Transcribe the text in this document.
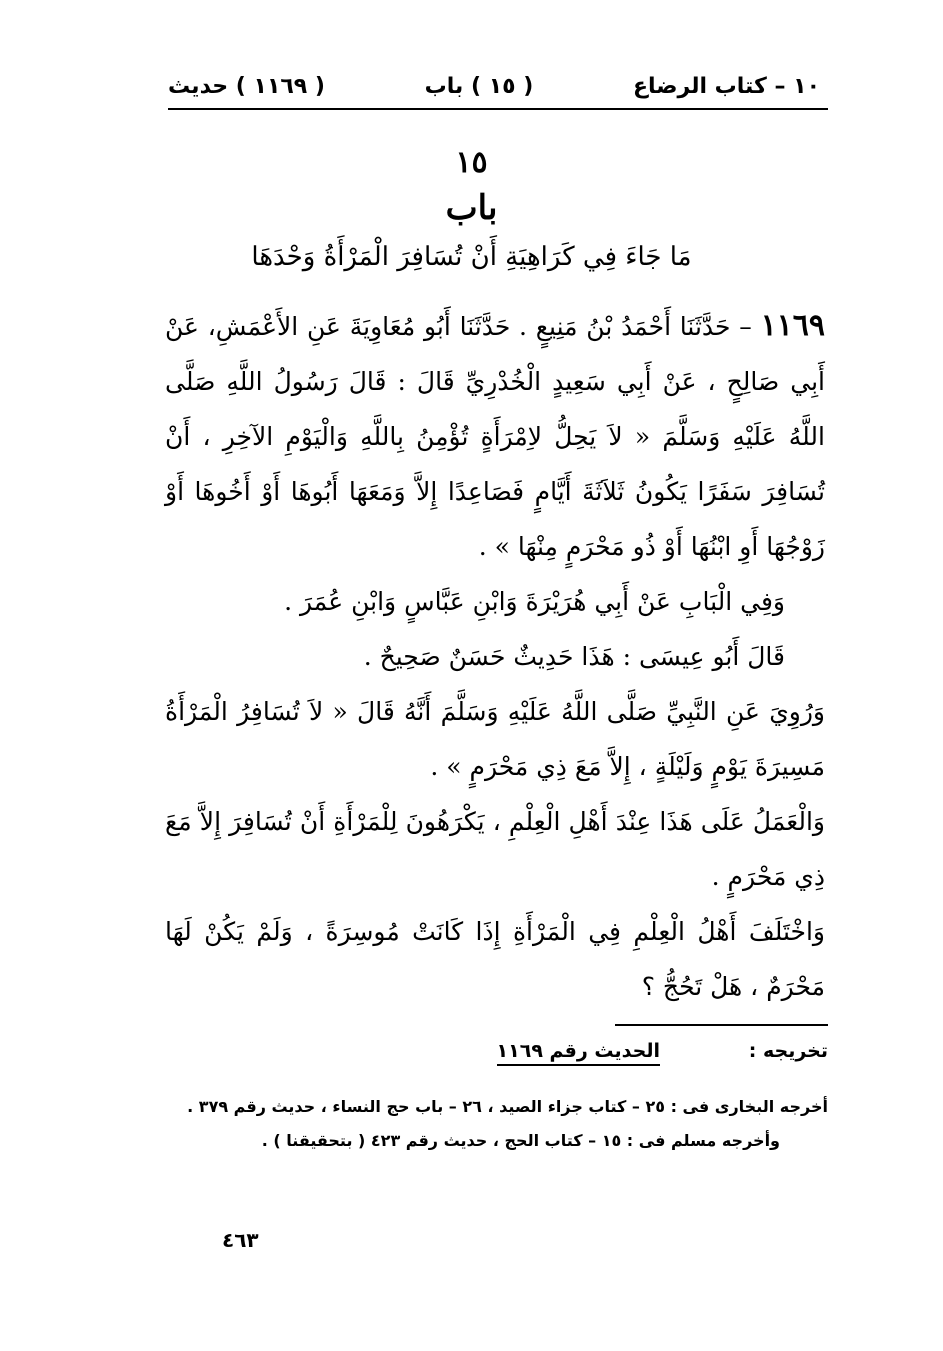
١٠ – كتاب الرضاع
( ١٥ ) باب
( ١١٦٩ ) حديث
١٥
باب
مَا جَاءَ فِي كَرَاهِيَةِ أَنْ تُسَافِرَ الْمَرْأَةُ وَحْدَهَا

١١٦٩ – حَدَّثَنَا أَحْمَدُ بْنُ مَنِيعٍ . حَدَّثَنَا أَبُو مُعَاوِيَةَ عَنِ الأَعْمَشِ، عَنْ أَبِي صَالِحٍ ، عَنْ أَبِي سَعِيدٍ الْخُدْرِيِّ قَالَ : قَالَ رَسُولُ اللَّهِ صَلَّى اللَّهُ عَلَيْهِ وَسَلَّمَ « لاَ يَحِلُّ لاِمْرَأَةٍ تُؤْمِنُ بِاللَّهِ وَالْيَوْمِ الآخِرِ ، أَنْ تُسَافِرَ سَفَرًا يَكُونُ ثَلاَثَةَ أَيَّامٍ فَصَاعِدًا إِلاَّ وَمَعَهَا أَبُوهَا أَوْ أَخُوهَا أَوْ زَوْجُهَا أَوِ ابْنُهَا أَوْ ذُو مَحْرَمٍ مِنْهَا » .

وَفِي الْبَابِ عَنْ أَبِي هُرَيْرَةَ وَابْنِ عَبَّاسٍ وَابْنِ عُمَرَ .

قَالَ أَبُو عِيسَى : هَذَا حَدِيثٌ حَسَنٌ صَحِيحٌ .

وَرُوِيَ عَنِ النَّبِيِّ صَلَّى اللَّهُ عَلَيْهِ وَسَلَّمَ أَنَّهُ قَالَ « لاَ تُسَافِرُ الْمَرْأَةُ مَسِيرَةَ يَوْمٍ وَلَيْلَةٍ ، إِلاَّ مَعَ ذِي مَحْرَمٍ » .

وَالْعَمَلُ عَلَى هَذَا عِنْدَ أَهْلِ الْعِلْمِ ، يَكْرَهُونَ لِلْمَرْأَةِ أَنْ تُسَافِرَ إِلاَّ مَعَ ذِي مَحْرَمٍ .

وَاخْتَلَفَ أَهْلُ الْعِلْمِ فِي الْمَرْأَةِ إِذَا كَانَتْ مُوسِرَةً ، وَلَمْ يَكُنْ لَهَا مَحْرَمٌ ، هَلْ تَحُجُّ ؟

تخريجه :
الحديث رقم ١١٦٩

أخرجه البخارى فى : ٢٥ – كتاب جزاء الصيد ، ٢٦ – باب حج النساء ، حديث رقم ٣٧٩ .

وأخرجه مسلم فى : ١٥ – كتاب الحج ، حديث رقم ٤٢٣ ( بتحقيقنا ) .

٤٦٣
